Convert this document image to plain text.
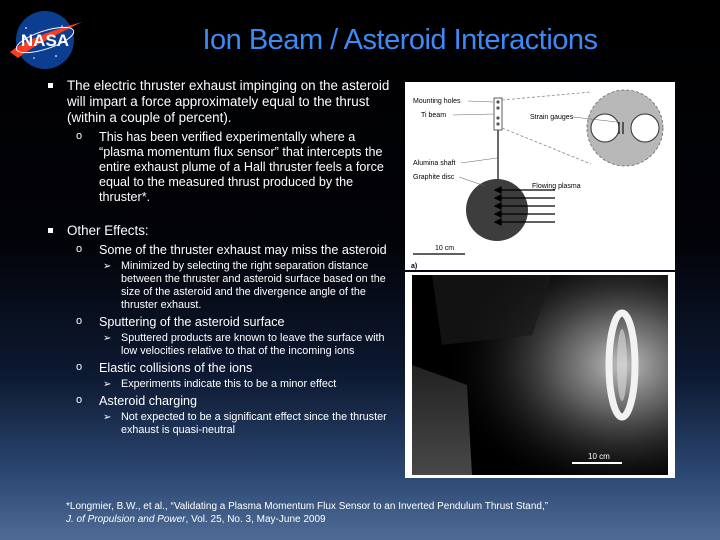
NASA	Ion Beam / Asteroid Interactions
The electric thruster exhaust impinging on the asteroid will impart a force approximately equal to the thrust (within a couple of percent).
o This has been verified experimentally where a “plasma momentum flux sensor” that intercepts the entire exhaust plume of a Hall thruster feels a force equal to the measured thrust produced by the thruster*.
Other Effects:
o Some of the thruster exhaust may miss the asteroid
➢ Minimized by selecting the right separation distance between the thruster and asteroid surface based on the size of the asteroid and the divergence angle of the thruster exhaust.
o Sputtering of the asteroid surface
➢ Sputtered products are known to leave the surface with low velocities relative to that of the incoming ions
o Elastic collisions of the ions
➢ Experiments indicate this to be a minor effect
o Asteroid charging
➢ Not expected to be a significant effect since the thruster exhaust is quasi-neutral
Mounting holes
Ti beam	Strain gauges
Alumina shaft
Graphite disc
Flowing plasma
10 cm
a)
10 cm
*Longmier, B.W., et al., “Validating a Plasma Momentum Flux Sensor to an Inverted Pendulum Thrust Stand,”
J. of Propulsion and Power, Vol. 25, No. 3, May-June 2009
